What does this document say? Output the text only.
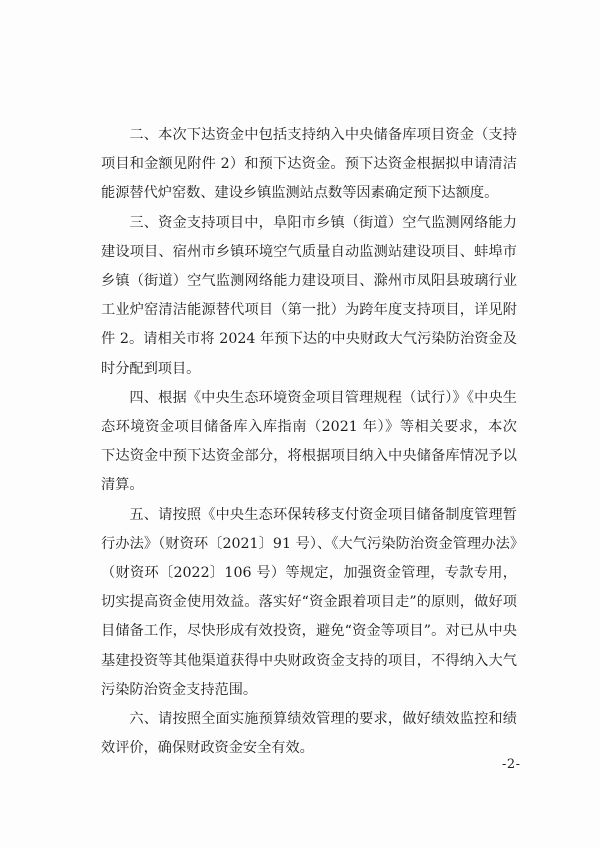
二、本次下达资金中包括支持纳入中央储备库项目资金（支持项目和金额见附件 2）和预下达资金。预下达资金根据拟申请清洁能源替代炉窑数、建设乡镇监测站点数等因素确定预下达额度。

三、资金支持项目中，阜阳市乡镇（街道）空气监测网络能力建设项目、宿州市乡镇环境空气质量自动监测站建设项目、蚌埠市乡镇（街道）空气监测网络能力建设项目、滁州市凤阳县玻璃行业工业炉窑清洁能源替代项目（第一批）为跨年度支持项目，详见附件 2。请相关市将 2024 年预下达的中央财政大气污染防治资金及时分配到项目。

四、根据《中央生态环境资金项目管理规程（试行）》《中央生态环境资金项目储备库入库指南（2021 年）》等相关要求，本次下达资金中预下达资金部分，将根据项目纳入中央储备库情况予以清算。

五、请按照《中央生态环保转移支付资金项目储备制度管理暂行办法》（财资环〔2021〕91 号）、《大气污染防治资金管理办法》（财资环〔2022〕106 号）等规定，加强资金管理，专款专用，切实提高资金使用效益。落实好“资金跟着项目走”的原则，做好项目储备工作，尽快形成有效投资，避免“资金等项目”。对已从中央基建投资等其他渠道获得中央财政资金支持的项目，不得纳入大气污染防治资金支持范围。

六、请按照全面实施预算绩效管理的要求，做好绩效监控和绩效评价，确保财政资金安全有效。

-2-
